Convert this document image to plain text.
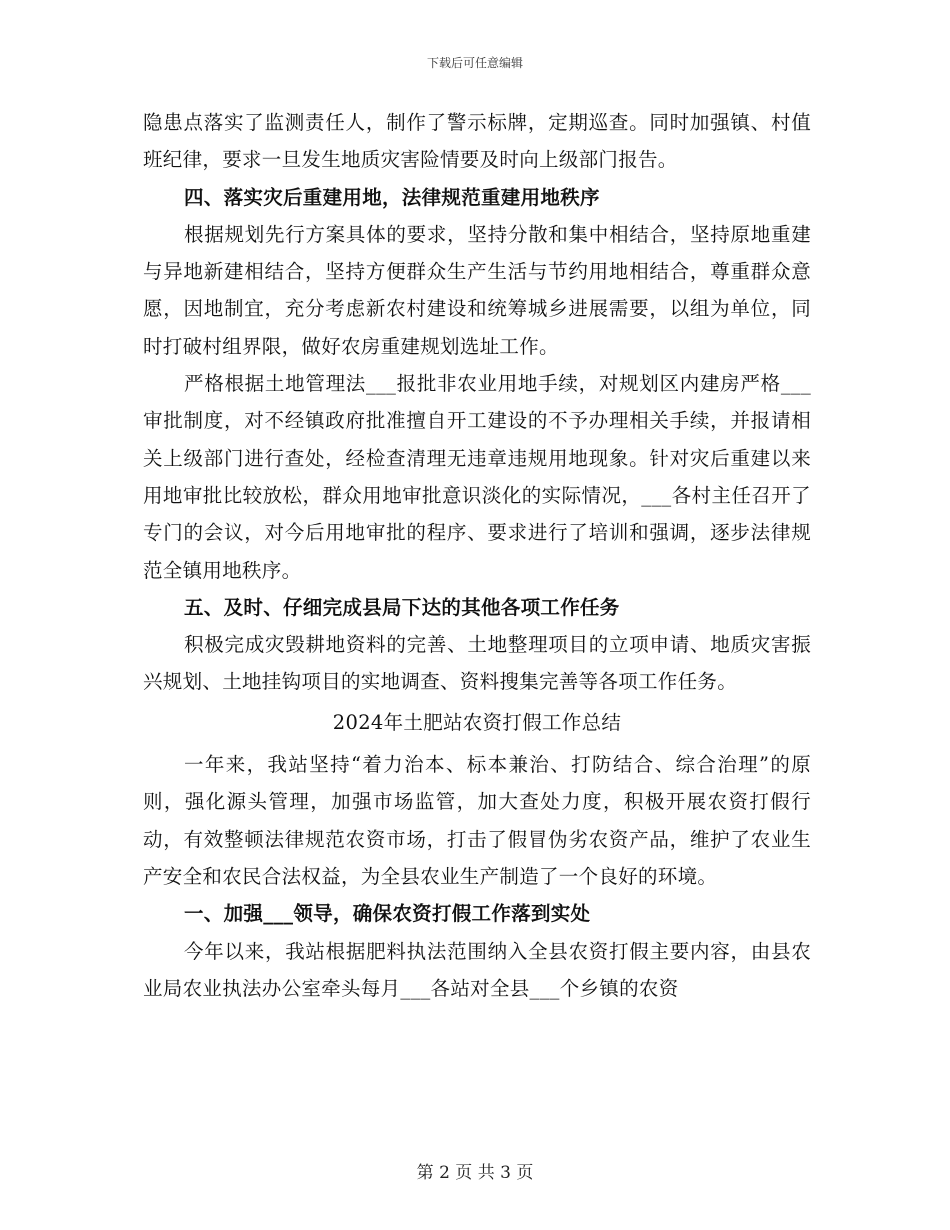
下载后可任意编辑

隐患点落实了监测责任人，制作了警示标牌，定期巡查。同时加强镇、村值班纪律，要求一旦发生地质灾害险情要及时向上级部门报告。

四、落实灾后重建用地，法律规范重建用地秩序

根据规划先行方案具体的要求，坚持分散和集中相结合，坚持原地重建与异地新建相结合，坚持方便群众生产生活与节约用地相结合，尊重群众意愿，因地制宜，充分考虑新农村建设和统筹城乡进展需要，以组为单位，同时打破村组界限，做好农房重建规划选址工作。

严格根据土地管理法___报批非农业用地手续，对规划区内建房严格___审批制度，对不经镇政府批准擅自开工建设的不予办理相关手续，并报请相关上级部门进行查处，经检查清理无违章违规用地现象。针对灾后重建以来用地审批比较放松，群众用地审批意识淡化的实际情况，___各村主任召开了专门的会议，对今后用地审批的程序、要求进行了培训和强调，逐步法律规范全镇用地秩序。

五、及时、仔细完成县局下达的其他各项工作任务

积极完成灾毁耕地资料的完善、土地整理项目的立项申请、地质灾害振兴规划、土地挂钩项目的实地调查、资料搜集完善等各项工作任务。

2024年土肥站农资打假工作总结

一年来，我站坚持“着力治本、标本兼治、打防结合、综合治理”的原则，强化源头管理，加强市场监管，加大查处力度，积极开展农资打假行动，有效整顿法律规范农资市场，打击了假冒伪劣农资产品，维护了农业生产安全和农民合法权益，为全县农业生产制造了一个良好的环境。

一、加强___领导，确保农资打假工作落到实处

今年以来，我站根据肥料执法范围纳入全县农资打假主要内容，由县农业局农业执法办公室牵头每月___各站对全县___个乡镇的农资

第 2 页 共 3 页
